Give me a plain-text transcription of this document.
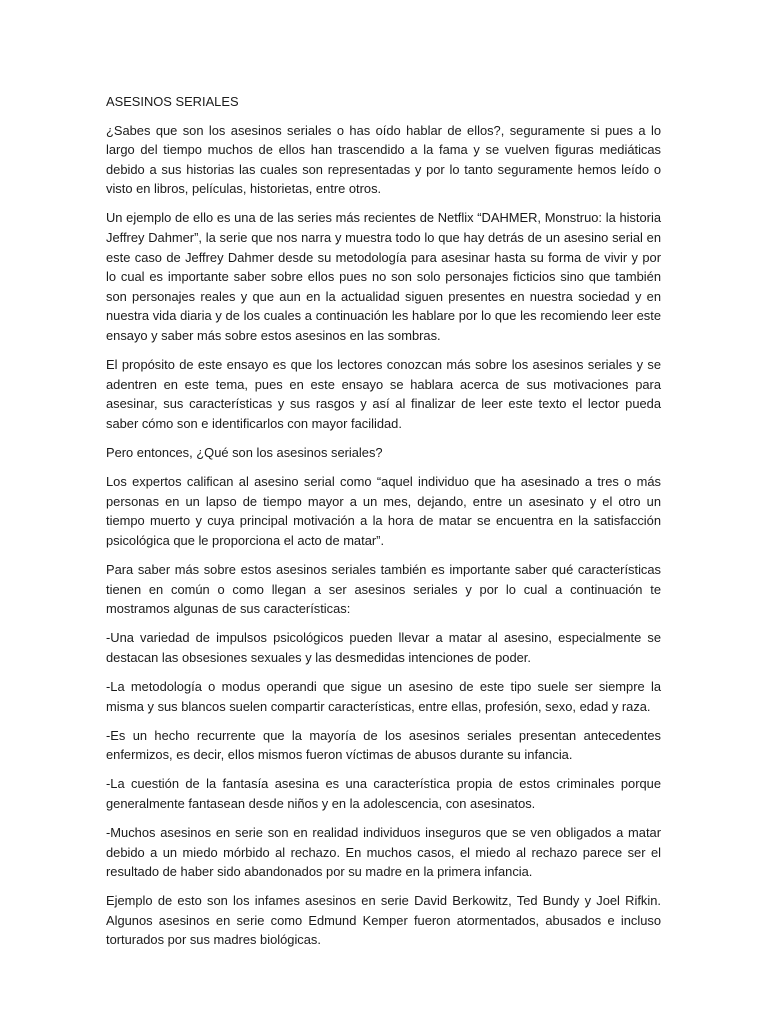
ASESINOS SERIALES

¿Sabes que son los asesinos seriales o has oído hablar de ellos?, seguramente si pues a lo largo del tiempo muchos de ellos han trascendido a la fama y se vuelven figuras mediáticas debido a sus historias las cuales son representadas y por lo tanto seguramente hemos leído o visto en libros, películas, historietas, entre otros.

Un ejemplo de ello es una de las series más recientes de Netflix “DAHMER, Monstruo: la historia Jeffrey Dahmer”, la serie que nos narra y muestra todo lo que hay detrás de un asesino serial en este caso de Jeffrey Dahmer desde su metodología para asesinar hasta su forma de vivir y por lo cual es importante saber sobre ellos pues no son solo personajes ficticios sino que también son personajes reales y que aun en la actualidad siguen presentes en nuestra sociedad y en nuestra vida diaria y de los cuales a continuación les hablare por lo que les recomiendo leer este ensayo y saber más sobre estos asesinos en las sombras.

El propósito de este ensayo es que los lectores conozcan más sobre los asesinos seriales y se adentren en este tema, pues en este ensayo se hablara acerca de sus motivaciones para asesinar, sus características y sus rasgos y así al finalizar de leer este texto el lector pueda saber cómo son e identificarlos con mayor facilidad.

Pero entonces, ¿Qué son los asesinos seriales?

Los expertos califican al asesino serial como “aquel individuo que ha asesinado a tres o más personas en un lapso de tiempo mayor a un mes, dejando, entre un asesinato y el otro un tiempo muerto y cuya principal motivación a la hora de matar se encuentra en la satisfacción psicológica que le proporciona el acto de matar”.

Para saber más sobre estos asesinos seriales también es importante saber qué características tienen en común o como llegan a ser asesinos seriales y por lo cual a continuación te mostramos algunas de sus características:

-Una variedad de impulsos psicológicos pueden llevar a matar al asesino, especialmente se destacan las obsesiones sexuales y las desmedidas intenciones de poder.

-La metodología o modus operandi que sigue un asesino de este tipo suele ser siempre la misma y sus blancos suelen compartir características, entre ellas, profesión, sexo, edad y raza.

-Es un hecho recurrente que la mayoría de los asesinos seriales presentan antecedentes enfermizos, es decir, ellos mismos fueron víctimas de abusos durante su infancia.

-La cuestión de la fantasía asesina es una característica propia de estos criminales porque generalmente fantasean desde niños y en la adolescencia, con asesinatos.

-Muchos asesinos en serie son en realidad individuos inseguros que se ven obligados a matar debido a un miedo mórbido al rechazo. En muchos casos, el miedo al rechazo parece ser el resultado de haber sido abandonados por su madre en la primera infancia.

Ejemplo de esto son los infames asesinos en serie David Berkowitz, Ted Bundy y Joel Rifkin. Algunos asesinos en serie como Edmund Kemper fueron atormentados, abusados e incluso torturados por sus madres biológicas.
